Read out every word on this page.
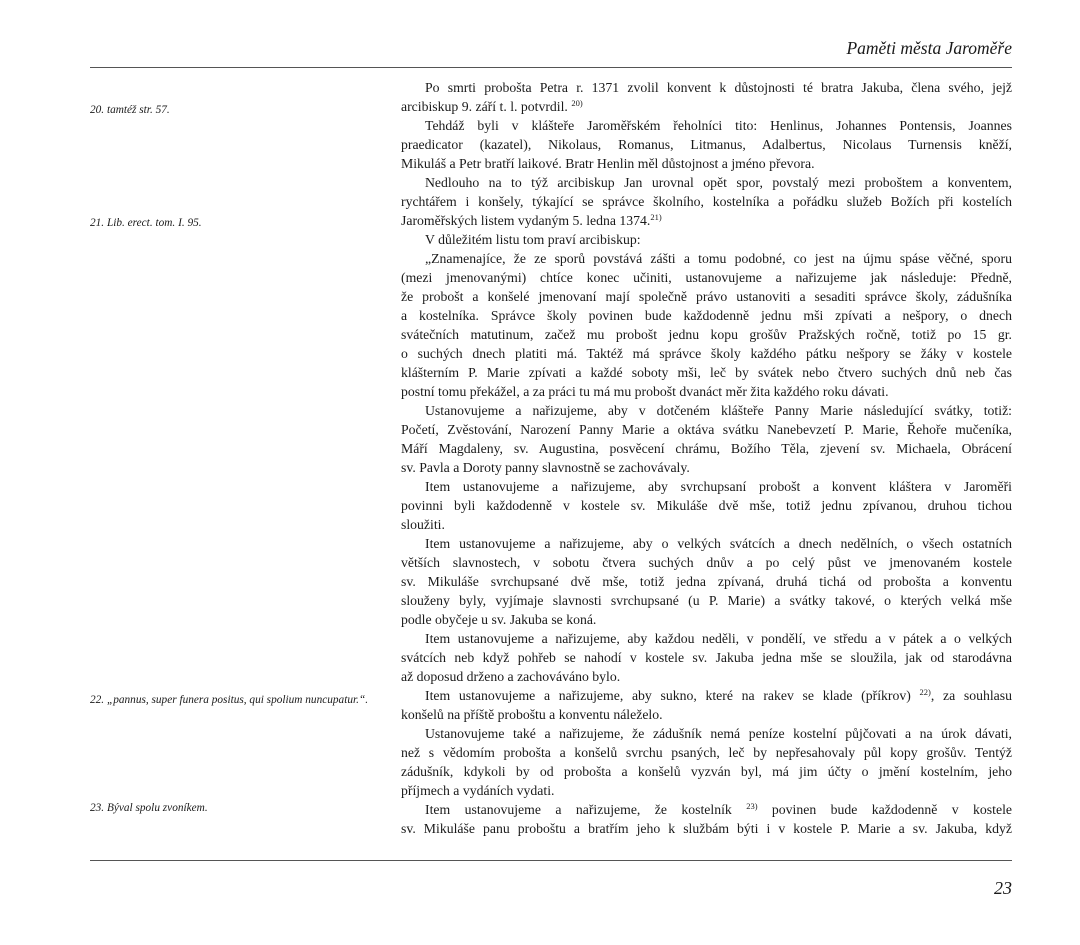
Paměti města Jaroměře
20. tamtéž str. 57.
21. Lib. erect. tom. I. 95.
22. „pannus, super funera positus, qui spolium nuncupatur.“.
23. Býval spolu zvoníkem.
Po smrti probošta Petra r. 1371 zvolil konvent k důstojnosti té bratra Jakuba, člena svého, jejž
arcibiskup 9. září t. l. potvrdil. $^{20)}$
Tehdáž byli v klášteře Jaroměřském řeholníci tito: Henlinus, Johannes Pontensis, Joannes
praedicator (kazatel), Nikolaus, Romanus, Litmanus, Adalbertus, Nicolaus Turnensis kněží,
Mikuláš a Petr bratří laikové. Bratr Henlin měl důstojnost a jméno převora.
Nedlouho na to týž arcibiskup Jan urovnal opět spor, povstalý mezi proboštem a konventem,
rychtářem i konšely, týkající se správce školního, kostelníka a pořádku služeb Božích při kostelích
Jaroměřských listem vydaným 5. ledna 1374.$^{21)}$
V důležitém listu tom praví arcibiskup:
„Znamenajíce, že ze sporů povstává zášti a tomu podobné, co jest na újmu spáse věčné, sporu
(mezi jmenovanými) chtíce konec učiniti, ustanovujeme a nařizujeme jak následuje: Předně,
že probošt a konšelé jmenovaní mají společně právo ustanoviti a sesaditi správce školy, zádušníka
a kostelníka. Správce školy povinen bude každodenně jednu mši zpívati a nešpory, o dnech
svátečních matutinum, začež mu probošt jednu kopu grošův Pražských ročně, totiž po 15 gr.
o suchých dnech platiti má. Taktéž má správce školy každého pátku nešpory se žáky v kostele
klášterním P. Marie zpívati a každé soboty mši, leč by svátek nebo čtvero suchých dnů neb čas
postní tomu překážel, a za práci tu má mu probošt dvanáct měr žita každého roku dávati.
Ustanovujeme a nařizujeme, aby v dotčeném klášteře Panny Marie následující svátky, totiž:
Početí, Zvěstování, Narození Panny Marie a oktáva svátku Nanebevzetí P. Marie, Řehoře mučeníka,
Máří Magdaleny, sv. Augustina, posvěcení chrámu, Božího Těla, zjevení sv. Michaela, Obrácení
sv. Pavla a Doroty panny slavnostně se zachovávaly.
Item ustanovujeme a nařizujeme, aby svrchupsaní probošt a konvent kláštera v Jaroměři
povinni byli každodenně v kostele sv. Mikuláše dvě mše, totiž jednu zpívanou, druhou tichou
sloužiti.
Item ustanovujeme a nařizujeme, aby o velkých svátcích a dnech nedělních, o všech ostatních
větších slavnostech, v sobotu čtvera suchých dnův a po celý půst ve jmenovaném kostele
sv. Mikuláše svrchupsané dvě mše, totiž jedna zpívaná, druhá tichá od probošta a konventu
slouženy byly, vyjímaje slavnosti svrchupsané (u P. Marie) a svátky takové, o kterých velká mše
podle obyčeje u sv. Jakuba se koná.
Item ustanovujeme a nařizujeme, aby každou neděli, v pondělí, ve středu a v pátek a o velkých
svátcích neb když pohřeb se nahodí v kostele sv. Jakuba jedna mše se sloužila, jak od starodávna
až doposud drženo a zachováváno bylo.
Item ustanovujeme a nařizujeme, aby sukno, které na rakev se klade (příkrov) $^{22)}$, za souhlasu
konšelů na příště proboštu a konventu náleželo.
Ustanovujeme také a nařizujeme, že zádušník nemá peníze kostelní půjčovati a na úrok dávati,
než s vědomím probošta a konšelů svrchu psaných, leč by nepřesahovaly půl kopy grošův. Tentýž
zádušník, kdykoli by od probošta a konšelů vyzván byl, má jim účty o jmění kostelním, jeho
příjmech a vydáních vydati.
Item ustanovujeme a nařizujeme, že kostelník $^{23)}$ povinen bude každodenně v kostele
sv. Mikuláše panu proboštu a bratřím jeho k službám býti i v kostele P. Marie a sv. Jakuba, když
23
